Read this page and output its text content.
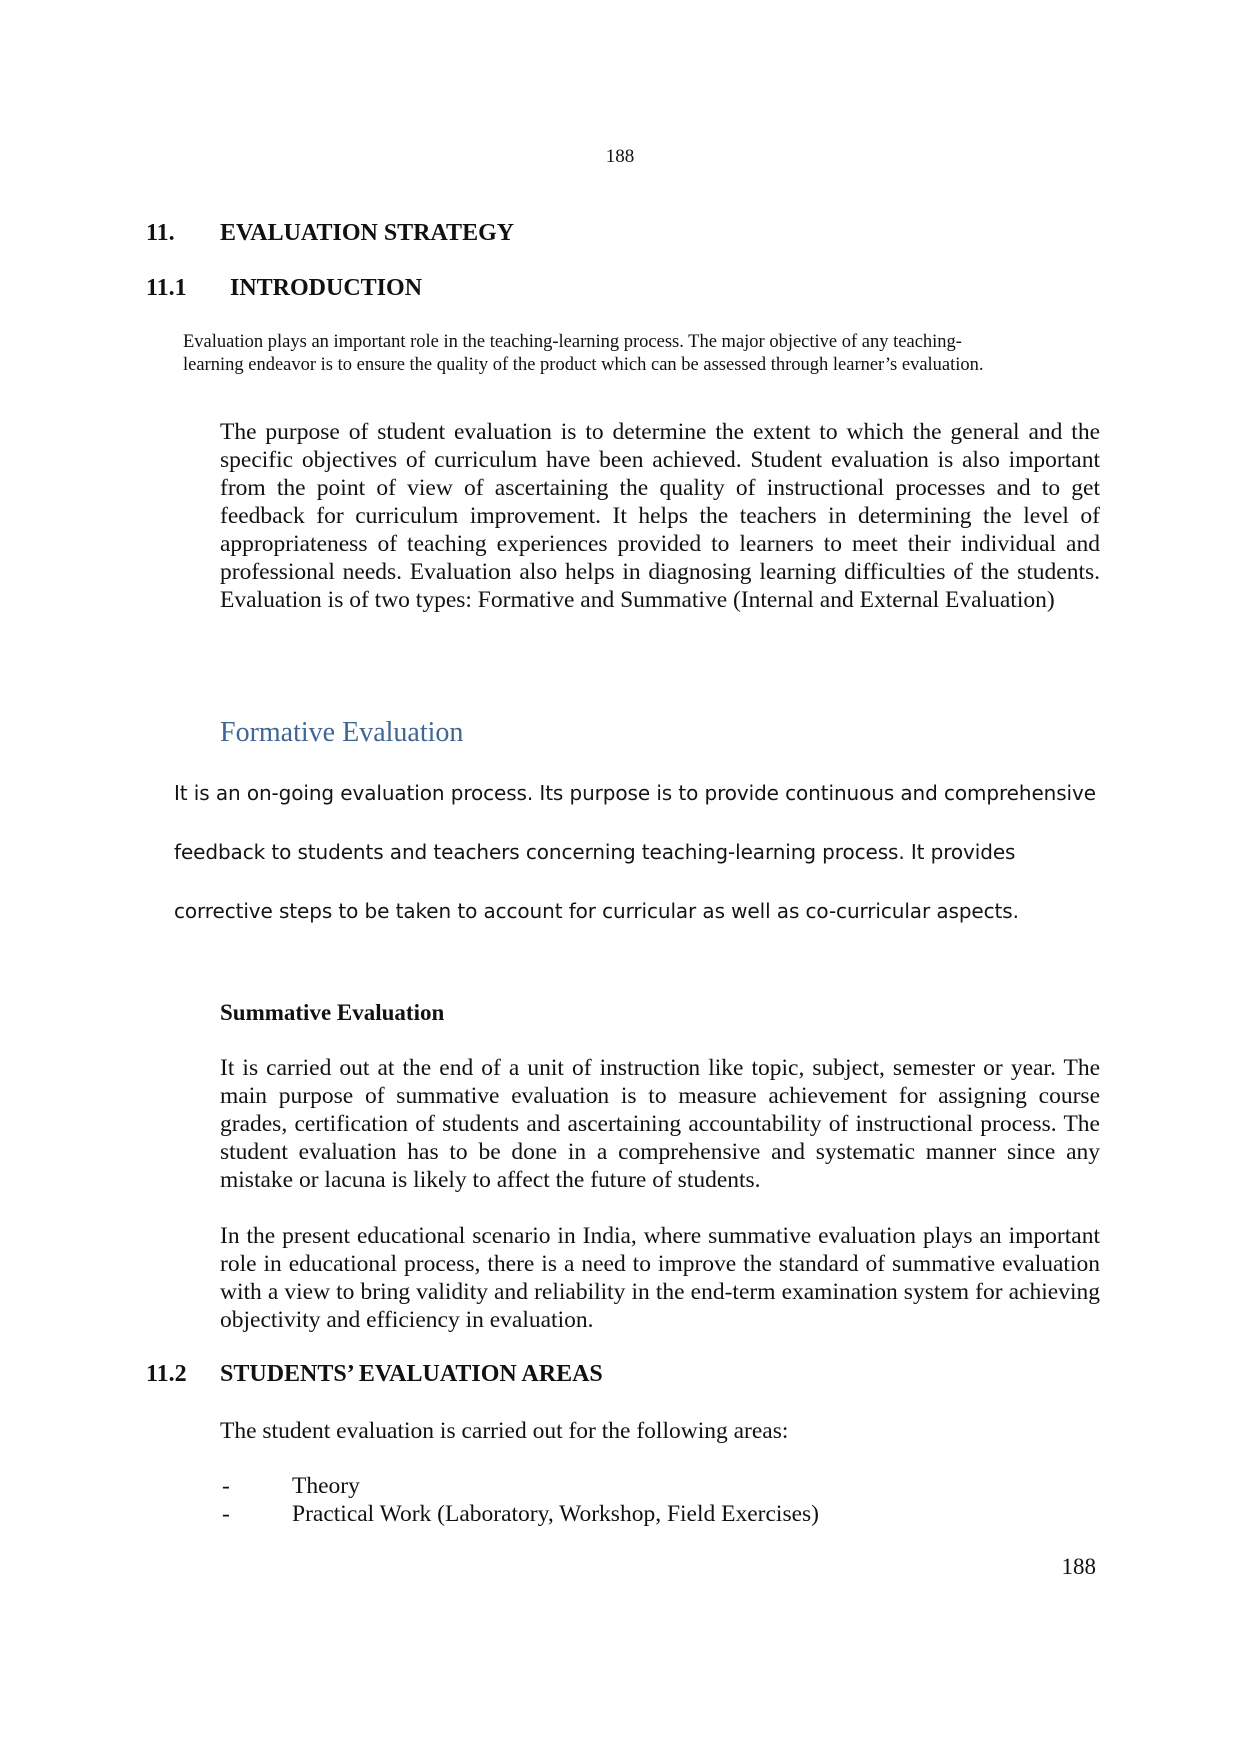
188
11. EVALUATION STRATEGY
11.1 INTRODUCTION
Evaluation plays an important role in the teaching-learning process. The major objective of any teaching-
learning endeavor is to ensure the quality of the product which can be assessed through learner’s evaluation.
The purpose of student evaluation is to determine the extent to which the general and the specific objectives of curriculum have been achieved. Student evaluation is also important from the point of view of ascertaining the quality of instructional processes and to get feedback for curriculum improvement. It helps the teachers in determining the level of appropriateness of teaching experiences provided to learners to meet their individual and professional needs. Evaluation also helps in diagnosing learning difficulties of the students. Evaluation is of two types: Formative and Summative (Internal and External Evaluation)
Formative Evaluation
It is an on-going evaluation process. Its purpose is to provide continuous and comprehensive
feedback to students and teachers concerning teaching-learning process. It provides
corrective steps to be taken to account for curricular as well as co-curricular aspects.
Summative Evaluation
It is carried out at the end of a unit of instruction like topic, subject, semester or year. The main purpose of summative evaluation is to measure achievement for assigning course grades, certification of students and ascertaining accountability of instructional process. The student evaluation has to be done in a comprehensive and systematic manner since any mistake or lacuna is likely to affect the future of students.
In the present educational scenario in India, where summative evaluation plays an important role in educational process, there is a need to improve the standard of summative evaluation with a view to bring validity and reliability in the end-term examination system for achieving objectivity and efficiency in evaluation.
11.2 STUDENTS’ EVALUATION AREAS
The student evaluation is carried out for the following areas:
-	Theory
-	Practical Work (Laboratory, Workshop, Field Exercises)
188
